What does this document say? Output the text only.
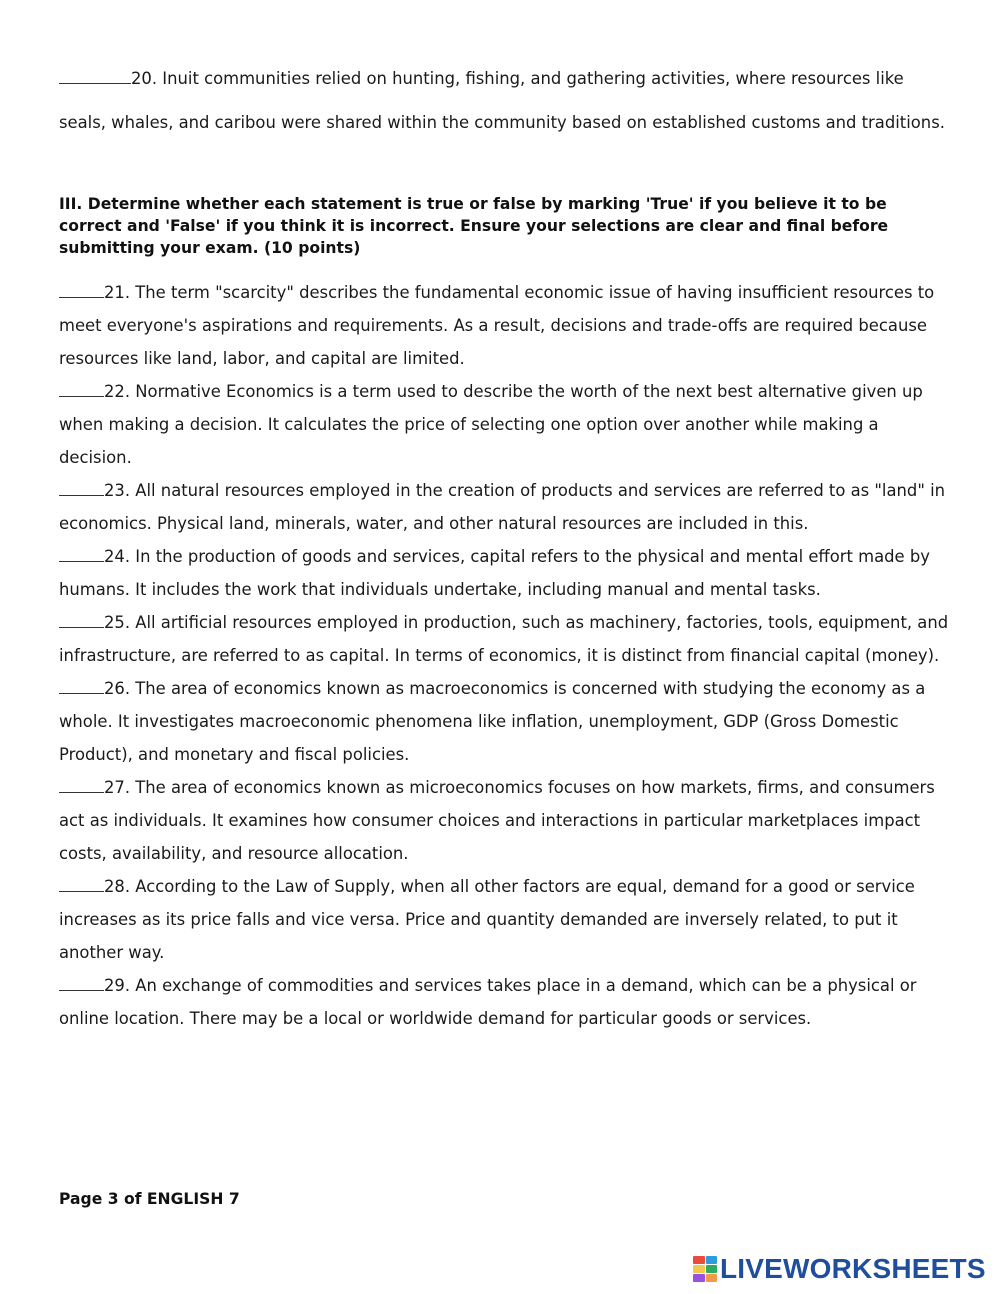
20. Inuit communities relied on hunting, fishing, and gathering activities, where resources like seals, whales, and caribou were shared within the community based on established customs and traditions.

III. Determine whether each statement is true or false by marking 'True' if you believe it to be correct and 'False' if you think it is incorrect. Ensure your selections are clear and final before submitting your exam. (10 points)

21. The term "scarcity" describes the fundamental economic issue of having insufficient resources to meet everyone's aspirations and requirements. As a result, decisions and trade-offs are required because resources like land, labor, and capital are limited.

22. Normative Economics is a term used to describe the worth of the next best alternative given up when making a decision. It calculates the price of selecting one option over another while making a decision.

23. All natural resources employed in the creation of products and services are referred to as "land" in economics. Physical land, minerals, water, and other natural resources are included in this.

24. In the production of goods and services, capital refers to the physical and mental effort made by humans. It includes the work that individuals undertake, including manual and mental tasks.

25. All artificial resources employed in production, such as machinery, factories, tools, equipment, and infrastructure, are referred to as capital. In terms of economics, it is distinct from financial capital (money).

26. The area of economics known as macroeconomics is concerned with studying the economy as a whole. It investigates macroeconomic phenomena like inflation, unemployment, GDP (Gross Domestic Product), and monetary and fiscal policies.

27. The area of economics known as microeconomics focuses on how markets, firms, and consumers act as individuals. It examines how consumer choices and interactions in particular marketplaces impact costs, availability, and resource allocation.

28. According to the Law of Supply, when all other factors are equal, demand for a good or service increases as its price falls and vice versa. Price and quantity demanded are inversely related, to put it another way.

29. An exchange of commodities and services takes place in a demand, which can be a physical or online location. There may be a local or worldwide demand for particular goods or services.

Page 3 of ENGLISH 7
LIVEWORKSHEETS
